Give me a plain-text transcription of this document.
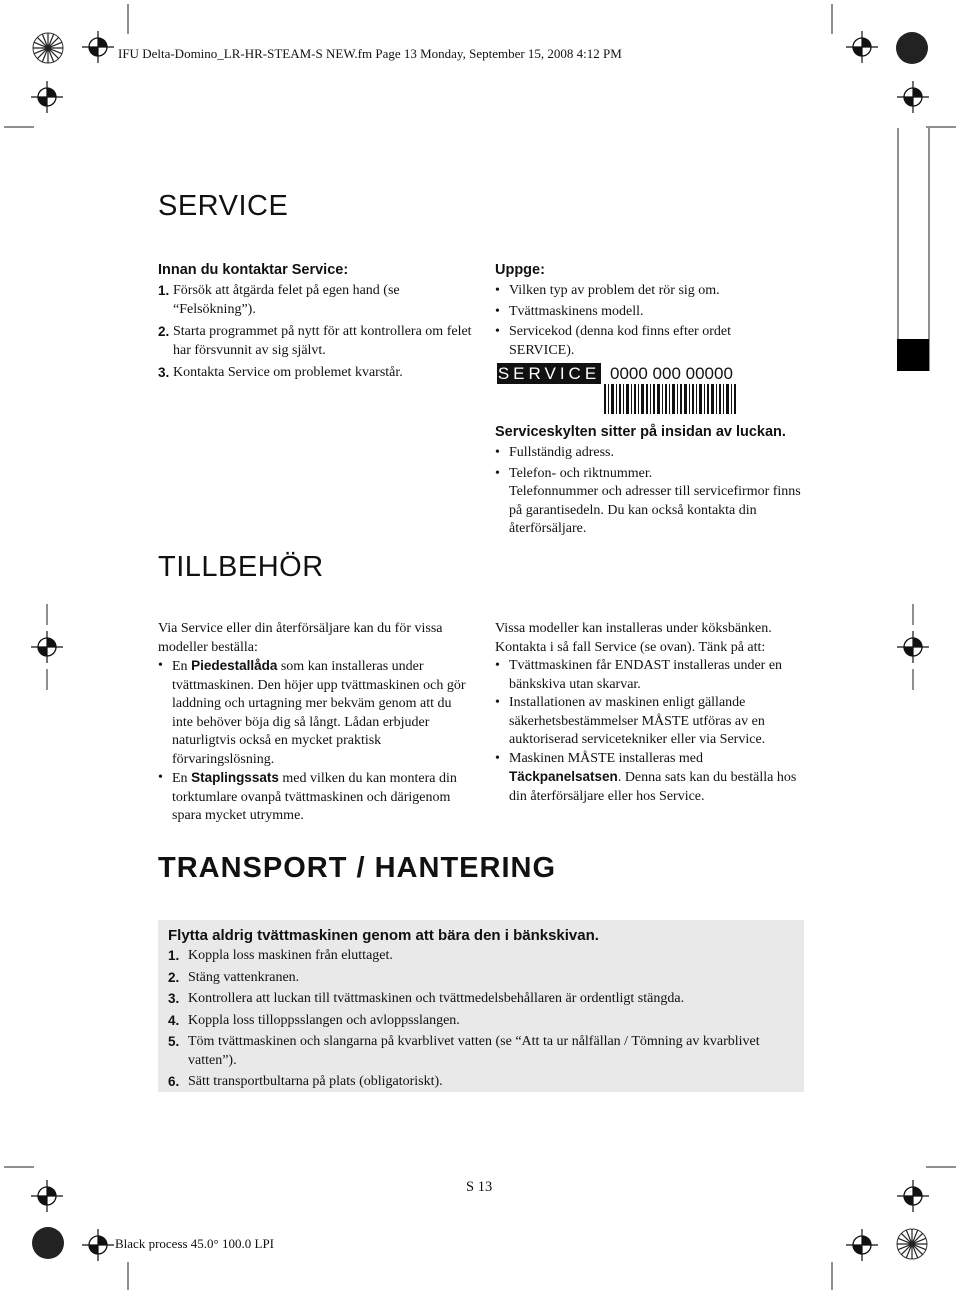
IFU Delta-Domino_LR-HR-STEAM-S NEW.fm Page 13 Monday, September 15, 2008 4:12 PM
SERVICE
Innan du kontaktar Service:
1. Försök att åtgärda felet på egen hand (se “Felsökning”).
2. Starta programmet på nytt för att kontrollera om felet har försvunnit av sig självt.
3. Kontakta Service om problemet kvarstår.
Uppge:
• Vilken typ av problem det rör sig om.
• Tvättmaskinens modell.
• Servicekod (denna kod finns efter ordet SERVICE).
SERVICE 0000 000 00000
Serviceskylten sitter på insidan av luckan.
• Fullständig adress.
• Telefon- och riktnummer.
Telefonnummer och adresser till servicefirmor finns på garantisedeln. Du kan också kontakta din återförsäljare.
TILLBEHÖR
Via Service eller din återförsäljare kan du för vissa modeller beställa:
• En Piedestallåda som kan installeras under tvättmaskinen. Den höjer upp tvättmaskinen och gör laddning och urtagning mer bekväm genom att du inte behöver böja dig så långt. Lådan erbjuder naturligtvis också en mycket praktisk förvaringslösning.
• En Staplingssats med vilken du kan montera din torktumlare ovanpå tvättmaskinen och därigenom spara mycket utrymme.
Vissa modeller kan installeras under köksbänken. Kontakta i så fall Service (se ovan). Tänk på att:
• Tvättmaskinen får ENDAST installeras under en bänkskiva utan skarvar.
• Installationen av maskinen enligt gällande säkerhetsbestämmelser MÅSTE utföras av en auktoriserad servicetekniker eller via Service.
• Maskinen MÅSTE installeras med Täckpanelsatsen. Denna sats kan du beställa hos din återförsäljare eller hos Service.
TRANSPORT / HANTERING
Flytta aldrig tvättmaskinen genom att bära den i bänkskivan.
1. Koppla loss maskinen från eluttaget.
2. Stäng vattenkranen.
3. Kontrollera att luckan till tvättmaskinen och tvättmedelsbehållaren är ordentligt stängda.
4. Koppla loss tilloppsslangen och avloppsslangen.
5. Töm tvättmaskinen och slangarna på kvarblivet vatten (se “Att ta ur nålfällan / Tömning av kvarblivet vatten”).
6. Sätt transportbultarna på plats (obligatoriskt).
S 13
Black process 45.0° 100.0 LPI
